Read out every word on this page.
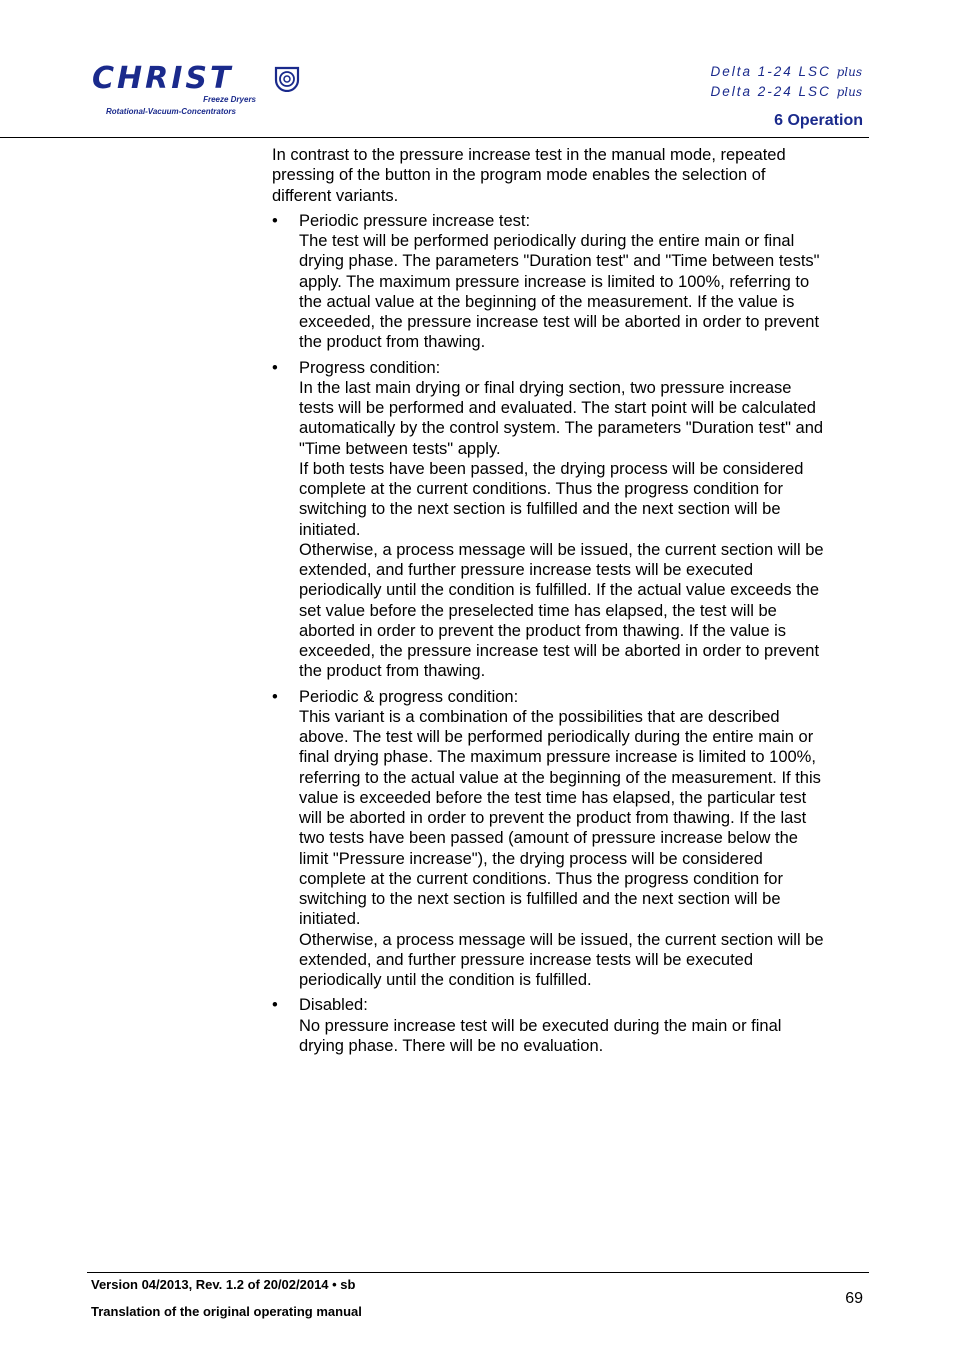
CHRIST
Freeze Dryers
Rotational-Vacuum-Concentrators
Delta 1-24 LSC plus
Delta 2-24 LSC plus
6 Operation

In contrast to the pressure increase test in the manual mode, repeated
pressing of the button in the program mode enables the selection of
different variants.

• Periodic pressure increase test:
The test will be performed periodically during the entire main or final
drying phase. The parameters "Duration test" and "Time between tests"
apply. The maximum pressure increase is limited to 100%, referring to
the actual value at the beginning of the measurement. If the value is
exceeded, the pressure increase test will be aborted in order to prevent
the product from thawing.
• Progress condition:
In the last main drying or final drying section, two pressure increase
tests will be performed and evaluated. The start point will be calculated
automatically by the control system. The parameters "Duration test" and
"Time between tests" apply.
If both tests have been passed, the drying process will be considered
complete at the current conditions. Thus the progress condition for
switching to the next section is fulfilled and the next section will be
initiated.
Otherwise, a process message will be issued, the current section will be
extended, and further pressure increase tests will be executed
periodically until the condition is fulfilled. If the actual value exceeds the
set value before the preselected time has elapsed, the test will be
aborted in order to prevent the product from thawing. If the value is
exceeded, the pressure increase test will be aborted in order to prevent
the product from thawing.
• Periodic & progress condition:
This variant is a combination of the possibilities that are described
above. The test will be performed periodically during the entire main or
final drying phase. The maximum pressure increase is limited to 100%,
referring to the actual value at the beginning of the measurement. If this
value is exceeded before the test time has elapsed, the particular test
will be aborted in order to prevent the product from thawing. If the last
two tests have been passed (amount of pressure increase below the
limit "Pressure increase"), the drying process will be considered
complete at the current conditions. Thus the progress condition for
switching to the next section is fulfilled and the next section will be
initiated.
Otherwise, a process message will be issued, the current section will be
extended, and further pressure increase tests will be executed
periodically until the condition is fulfilled.
• Disabled:
No pressure increase test will be executed during the main or final
drying phase. There will be no evaluation.
Version 04/2013, Rev. 1.2 of 20/02/2014 • sb
Translation of the original operating manual
69
